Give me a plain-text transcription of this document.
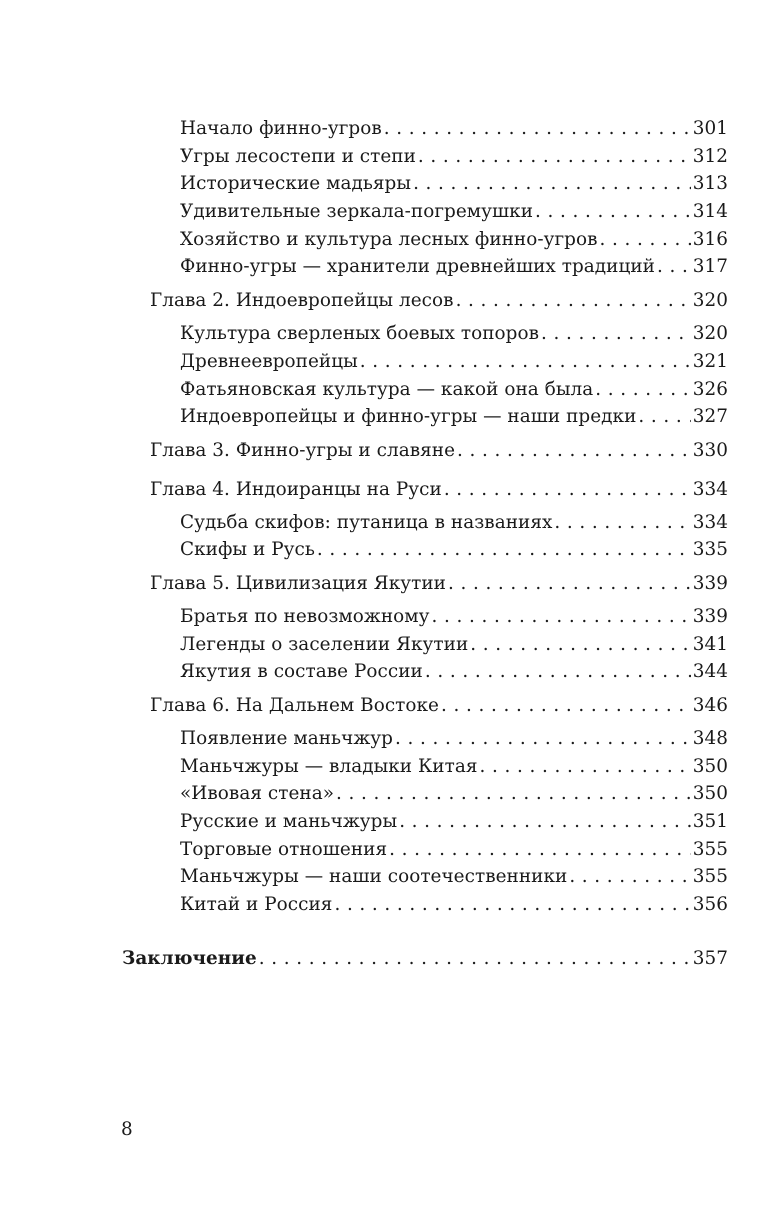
Начало финно-угров . . .	301
Угры лесостепи и степи . . .	312
Исторические мадьяры . . .	313
Удивительные зеркала-погремушки . . .	314
Хозяйство и культура лесных финно-угров . . .	316
Финно-угры — хранители древнейших традиций . . . 317
Глава 2. Индоевропейцы лесов . . .	320
Культура сверленых боевых топоров . . .	320
Древнеевропейцы . . .	321
Фатьяновская культура — какой она была . . .	326
Индоевропейцы и финно-угры — наши предки . . .	327
Глава 3. Финно-угры и славяне . . .	330
Глава 4. Индоиранцы на Руси . . .	334
Судьба скифов: путаница в названиях . . .	334
Скифы и Русь . . .	335
Глава 5. Цивилизация Якутии . . .	339
Братья по невозможному . . .	339
Легенды о заселении Якутии . . .	341
Якутия в составе России . . .	344
Глава 6. На Дальнем Востоке . . .	346
Появление маньчжур . . .	348
Маньчжуры — владыки Китая . . .	350
«Ивовая стена» . . .	350
Русские и маньчжуры . . .	351
Торговые отношения . . .	355
Маньчжуры — наши соотечественники . . .	355
Китай и Россия . . .	356
Заключение . . .	357
8
